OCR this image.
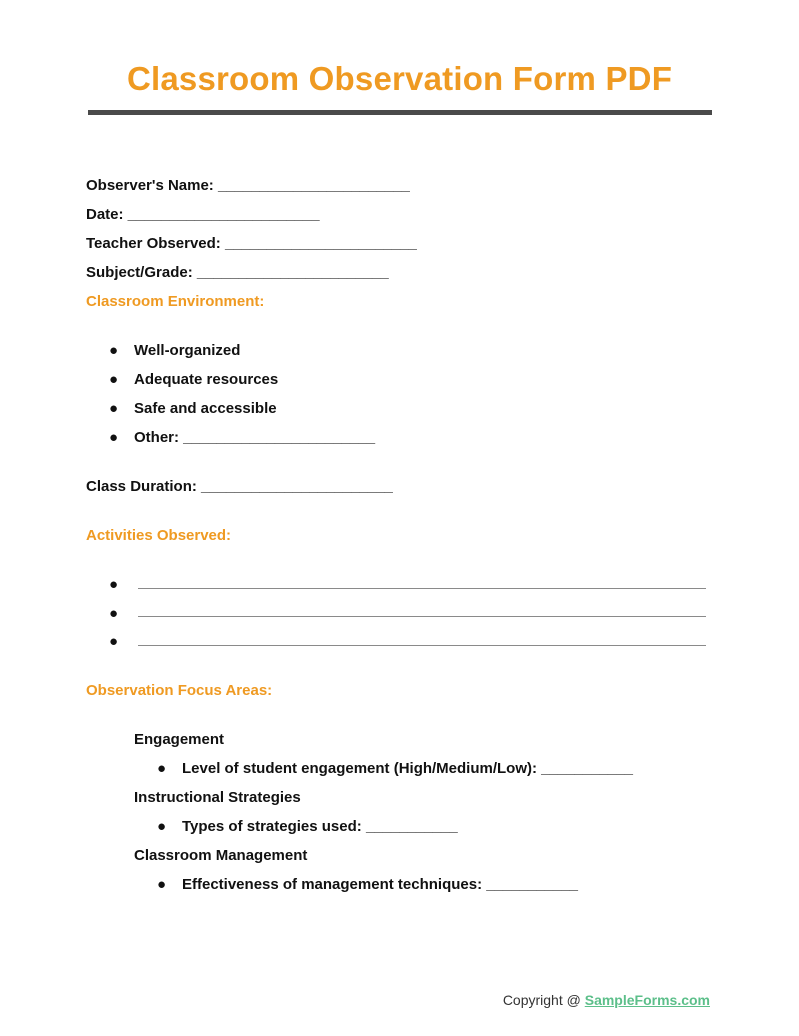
Classroom Observation Form PDF
Observer's Name: _______________________
Date: _______________________
Teacher Observed: _______________________
Subject/Grade: _______________________
Classroom Environment:
● Well-organized
● Adequate resources
● Safe and accessible
● Other: _______________________
Class Duration: _______________________
Activities Observed:
●
●
●
Observation Focus Areas:
Engagement
● Level of student engagement (High/Medium/Low): ___________
Instructional Strategies
● Types of strategies used: ___________
Classroom Management
● Effectiveness of management techniques: ___________
Copyright @ SampleForms.com
